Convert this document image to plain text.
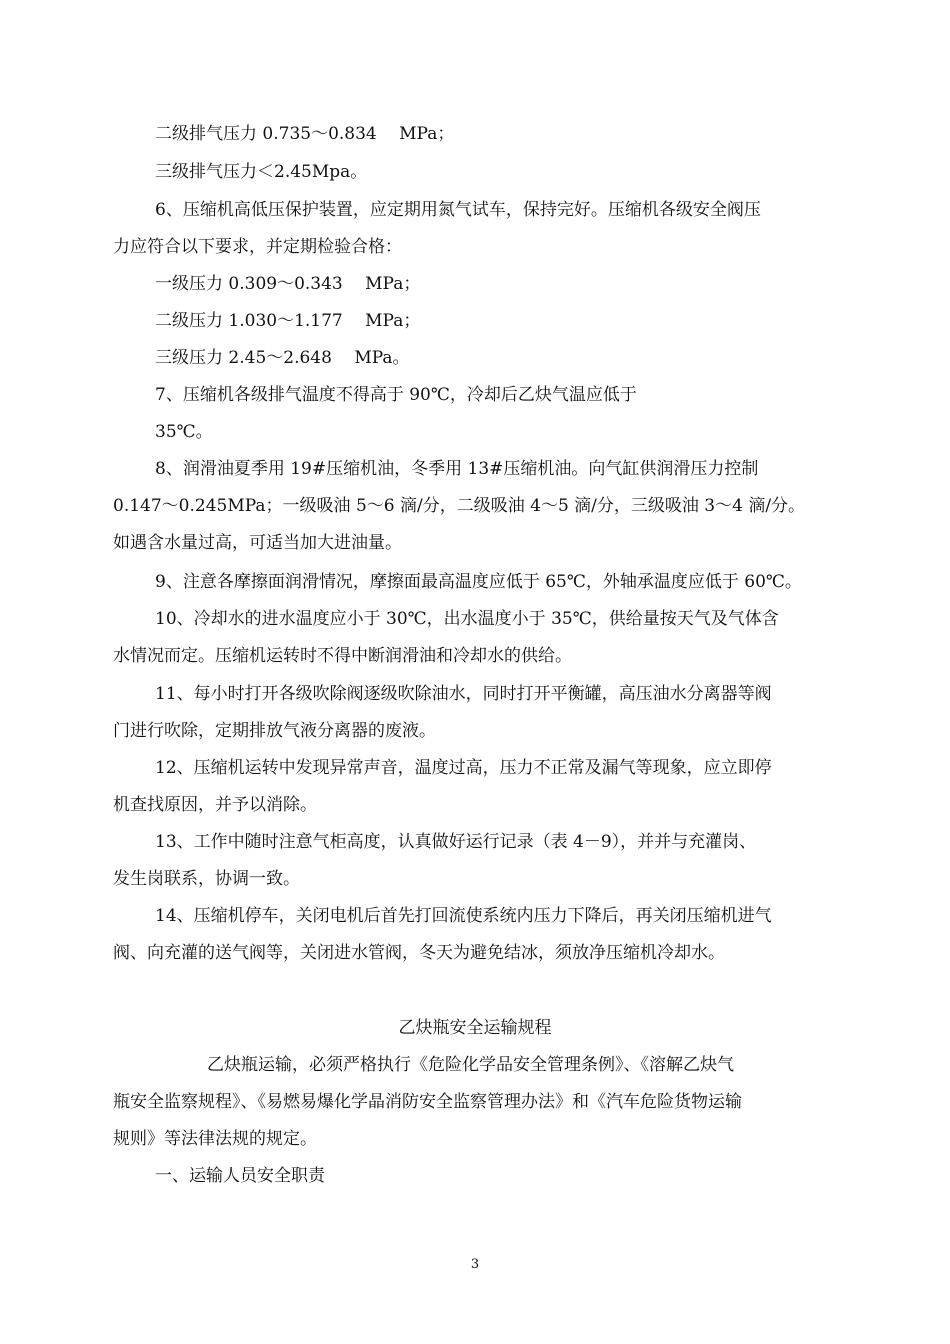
二级排气压力 0.735～0.834　 MPa；
三级排气压力＜2.45Mpa。
6、压缩机高低压保护装置，应定期用氮气试车，保持完好。压缩机各级安全阀压
力应符合以下要求，并定期检验合格：
一级压力 0.309～0.343　 MPa；
二级压力 1.030～1.177　 MPa；
三级压力 2.45～2.648　 MPa。
7、压缩机各级排气温度不得高于 90℃，冷却后乙炔气温应低于
35℃。
8、润滑油夏季用 19#压缩机油，冬季用 13#压缩机油。向气缸供润滑压力控制
0.147～0.245MPa；一级吸油 5～6 滴/分，二级吸油 4～5 滴/分，三级吸油 3～4 滴/分。
如遇含水量过高，可适当加大进油量。
9、注意各摩擦面润滑情况，摩擦面最高温度应低于 65℃，外轴承温度应低于 60℃。
10、冷却水的进水温度应小于 30℃，出水温度小于 35℃，供给量按天气及气体含
水情况而定。压缩机运转时不得中断润滑油和冷却水的供给。
11、每小时打开各级吹除阀逐级吹除油水，同时打开平衡罐，高压油水分离器等阀
门进行吹除，定期排放气液分离器的废液。
12、压缩机运转中发现异常声音，温度过高，压力不正常及漏气等现象，应立即停
机查找原因，并予以消除。
13、工作中随时注意气柜高度，认真做好运行记录（表 4－9），并并与充灌岗、
发生岗联系，协调一致。
14、压缩机停车，关闭电机后首先打回流使系统内压力下降后，再关闭压缩机进气
阀、向充灌的送气阀等，关闭进水管阀，冬天为避免结冰，须放净压缩机冷却水。
乙炔瓶安全运输规程
乙炔瓶运输，必须严格执行《危险化学品安全管理条例》、《溶解乙炔气
瓶安全监察规程》、《易燃易爆化学晶消防安全监察管理办法》和《汽车危险货物运输
规则》等法律法规的规定。
一、运输人员安全职责
3
